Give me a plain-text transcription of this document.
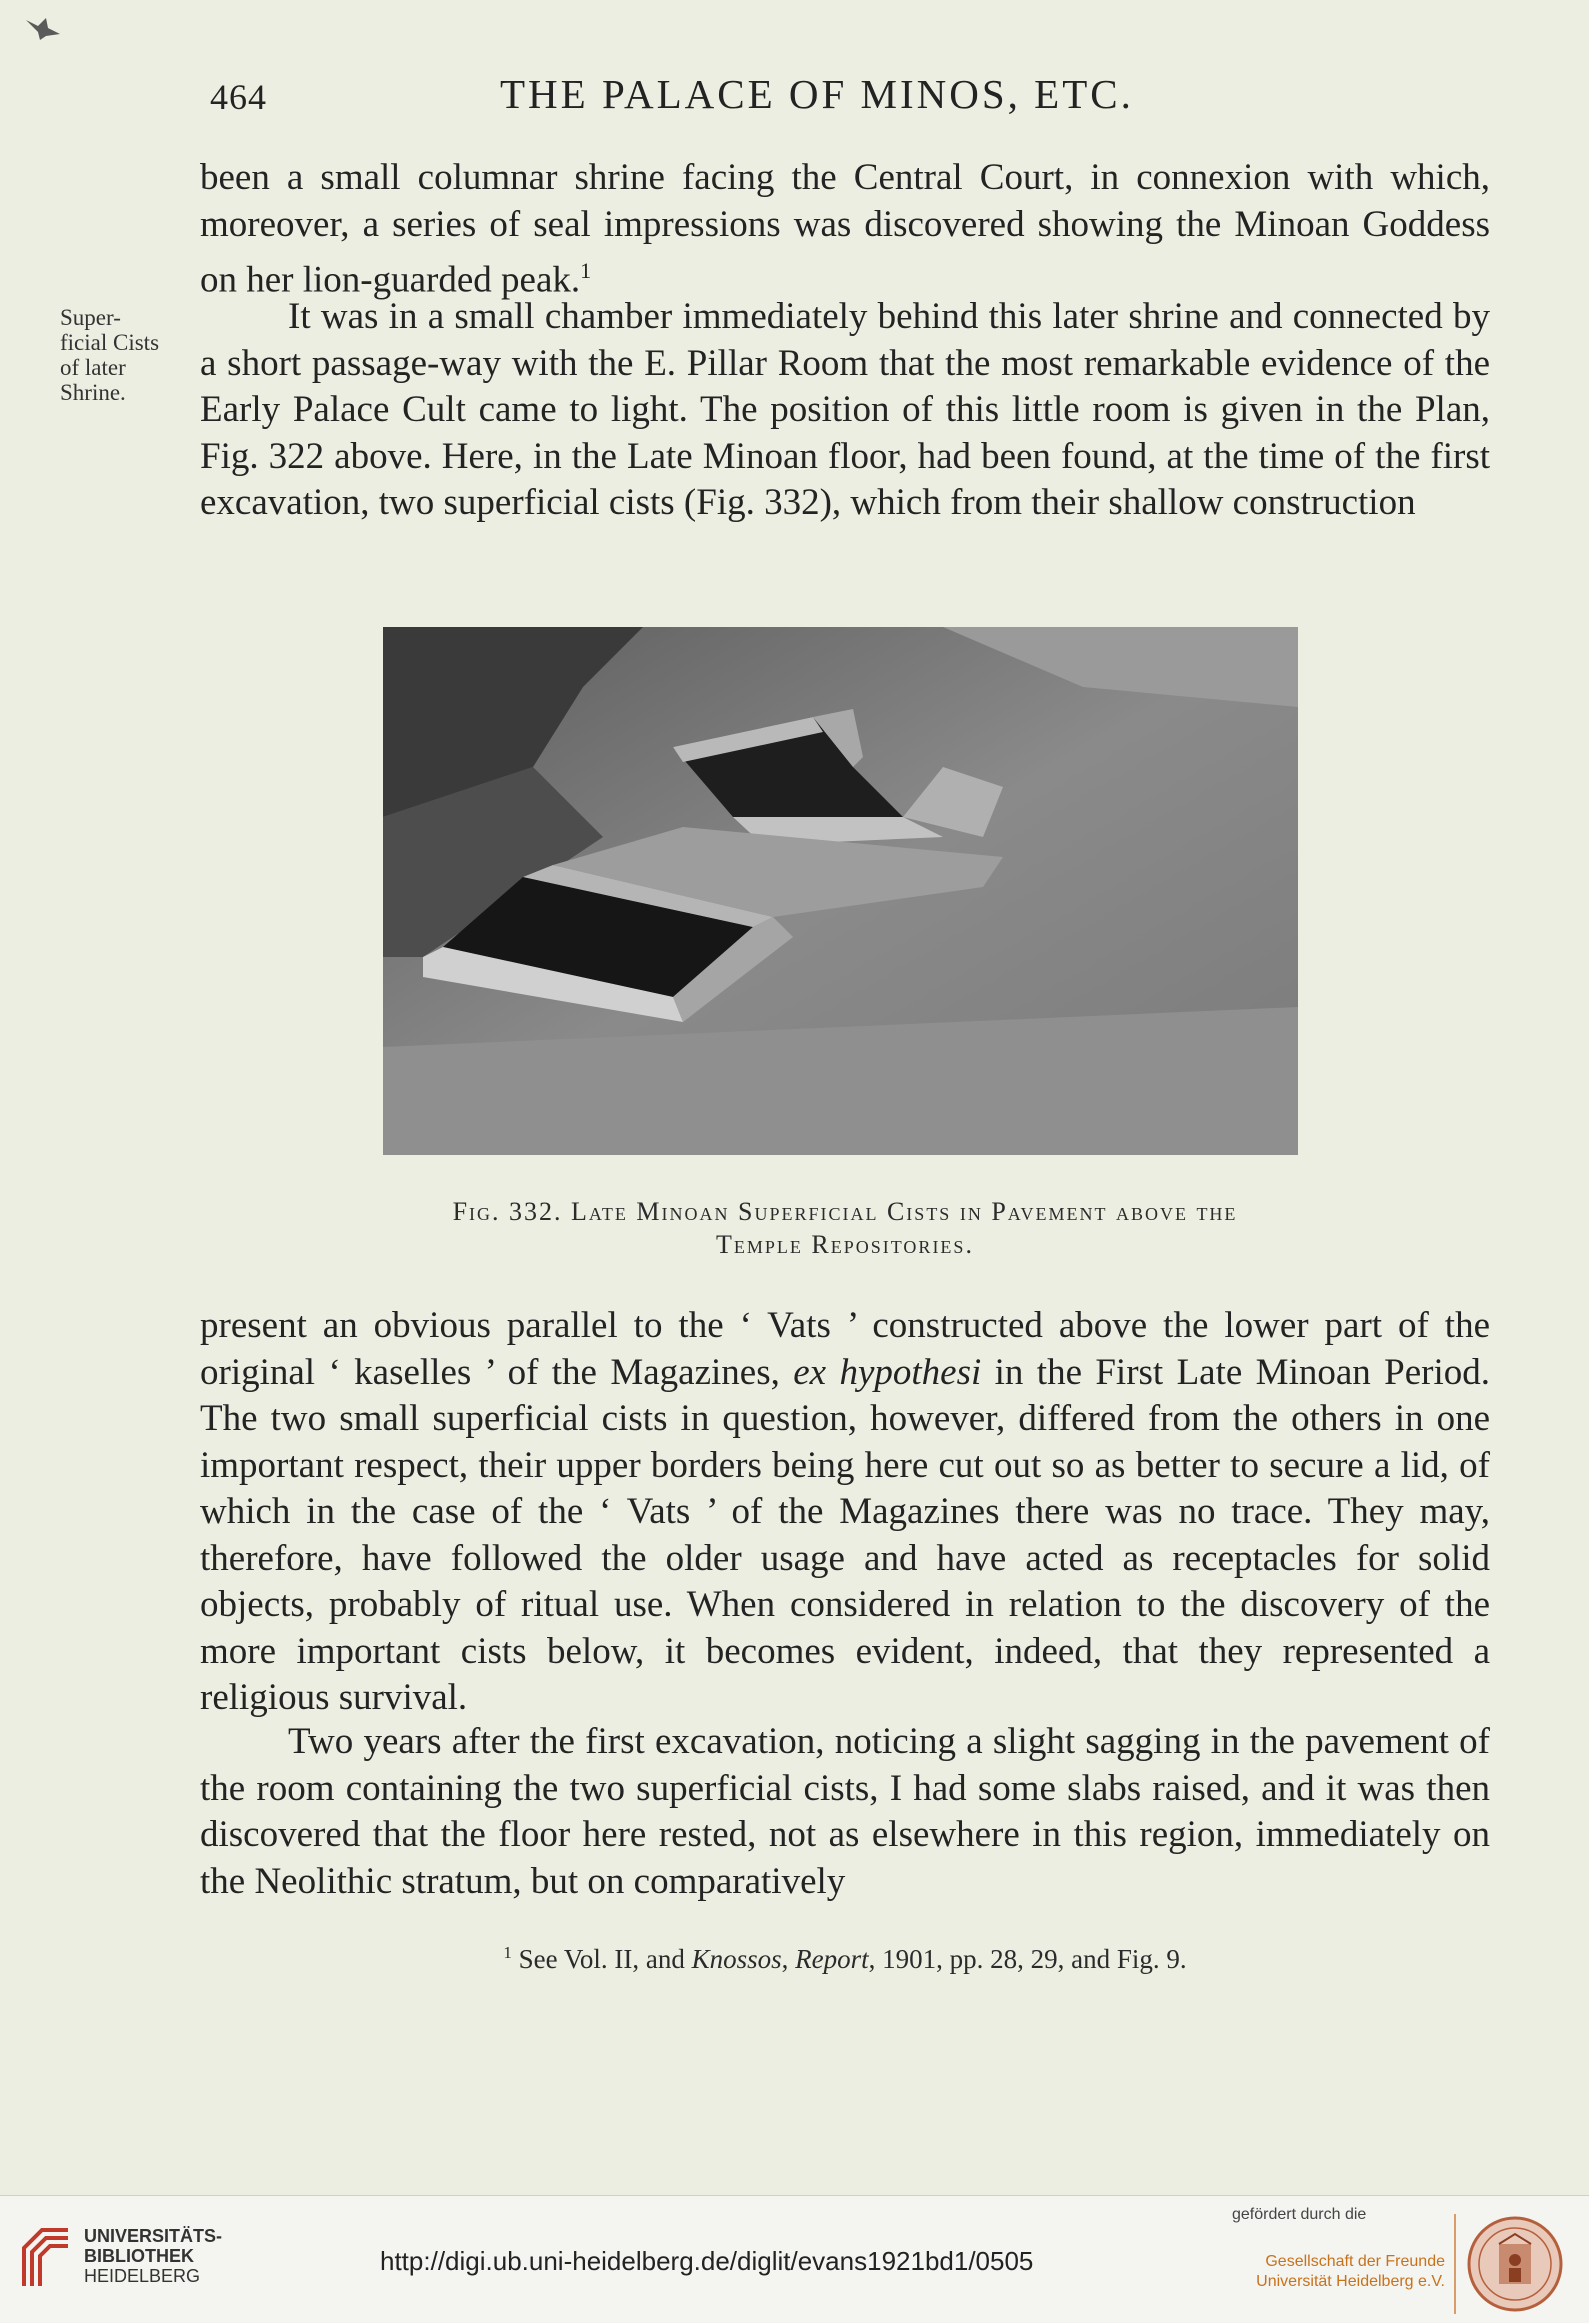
464	THE PALACE OF MINOS, ETC.

been a small columnar shrine facing the Central Court, in connexion with which, moreover, a series of seal impressions was discovered showing the Minoan Goddess on her lion-guarded peak.$^1$

Super-
ficial Cists
of later
Shrine.

It was in a small chamber immediately behind this later shrine and connected by a short passage-way with the E. Pillar Room that the most remarkable evidence of the Early Palace Cult came to light. The position of this little room is given in the Plan, Fig. 322 above. Here, in the Late Minoan floor, had been found, at the time of the first excavation, two superficial cists (Fig. 332), which from their shallow construction

Fig. 332. Late Minoan Superficial Cists in Pavement above the
Temple Repositories.

present an obvious parallel to the ‘ Vats ’ constructed above the lower part of the original ‘ kaselles ’ of the Magazines, ex hypothesi in the First Late Minoan Period. The two small superficial cists in question, however, differed from the others in one important respect, their upper borders being here cut out so as better to secure a lid, of which in the case of the ‘ Vats ’ of the Magazines there was no trace. They may, therefore, have followed the older usage and have acted as receptacles for solid objects, probably of ritual use. When considered in relation to the discovery of the more important cists below, it becomes evident, indeed, that they represented a religious survival.

Two years after the first excavation, noticing a slight sagging in the pavement of the room containing the two superficial cists, I had some slabs raised, and it was then discovered that the floor here rested, not as elsewhere in this region, immediately on the Neolithic stratum, but on comparatively

$^1$ See Vol. II, and Knossos, Report, 1901, pp. 28, 29, and Fig. 9.
UNIVERSITÄTS-
BIBLIOTHEK
HEIDELBERG	http://digi.ub.uni-heidelberg.de/diglit/evans1921bd1/0505
gefördert durch die
Gesellschaft der Freunde
Universität Heidelberg e.V.
